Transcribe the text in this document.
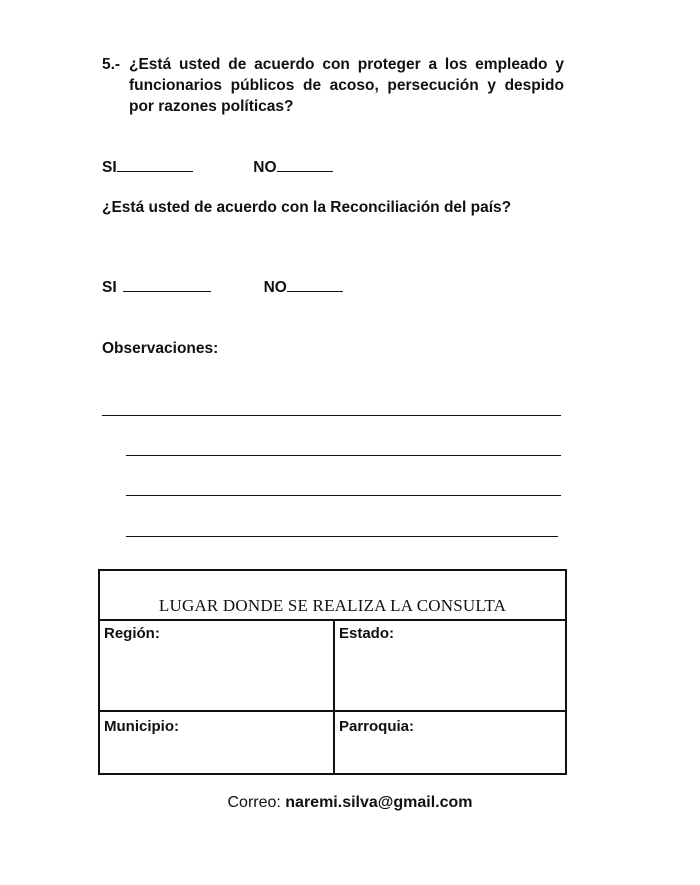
5.- ¿Está usted de acuerdo con proteger a los empleado y funcionarios públicos de acoso, persecución y despido por razones políticas?
SI	NO
¿Está usted de acuerdo con la Reconciliación del país?
SI	NO
Observaciones:
LUGAR DONDE SE REALIZA LA CONSULTA
Región:	Estado:
Municipio:	Parroquia:
Correo: naremi.silva@gmail.com
